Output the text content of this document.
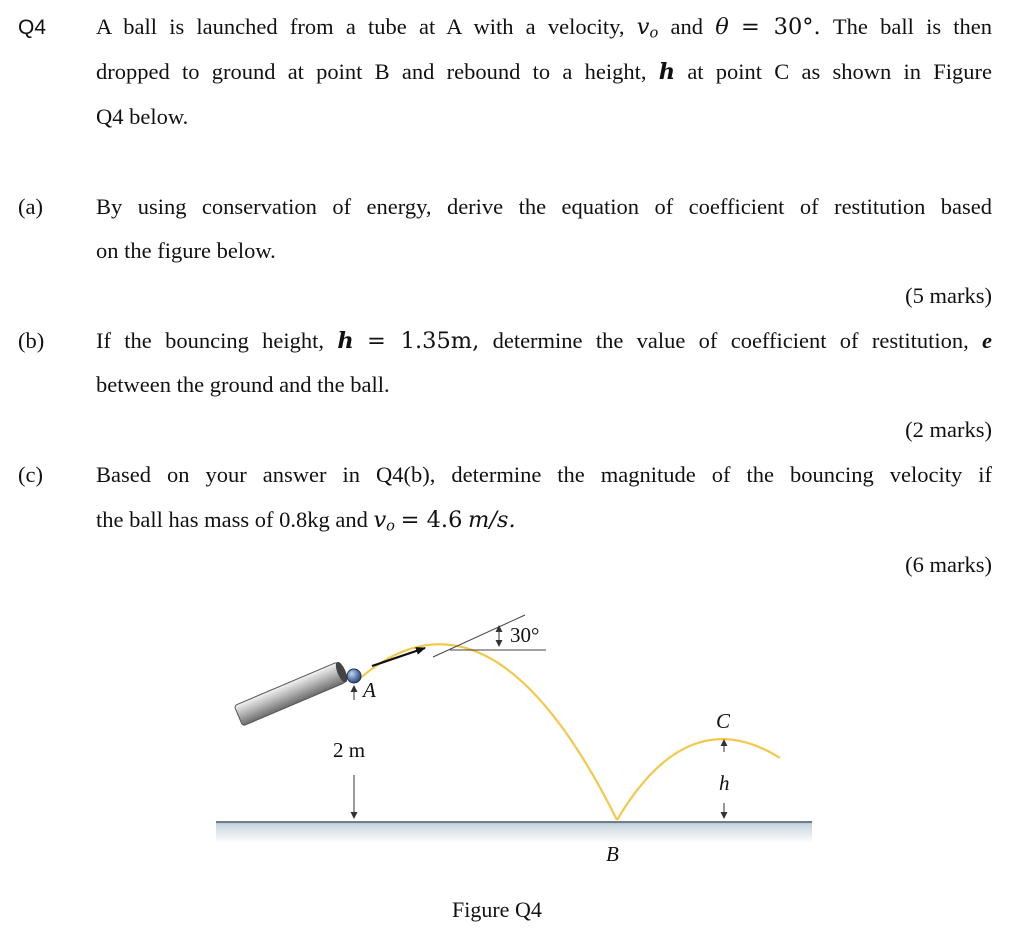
Q4 A ball is launched from a tube at A with a velocity, $v_o$ and θ = 30°. The ball is then
dropped to ground at point B and rebound to a height, h at point C as shown in Figure
Q4 below.
(a) By using conservation of energy, derive the equation of coefficient of restitution based
on the figure below.
(5 marks)
(b) If the bouncing height, h = 1.35m, determine the value of coefficient of restitution, e
between the ground and the ball.
(2 marks)
(c) Based on your answer in Q4(b), determine the magnitude of the bouncing velocity if
the ball has mass of 0.8kg and $v_o = 4.6$ m/s.
(6 marks)
30°
A
2 m
C
h
B
Figure Q4
